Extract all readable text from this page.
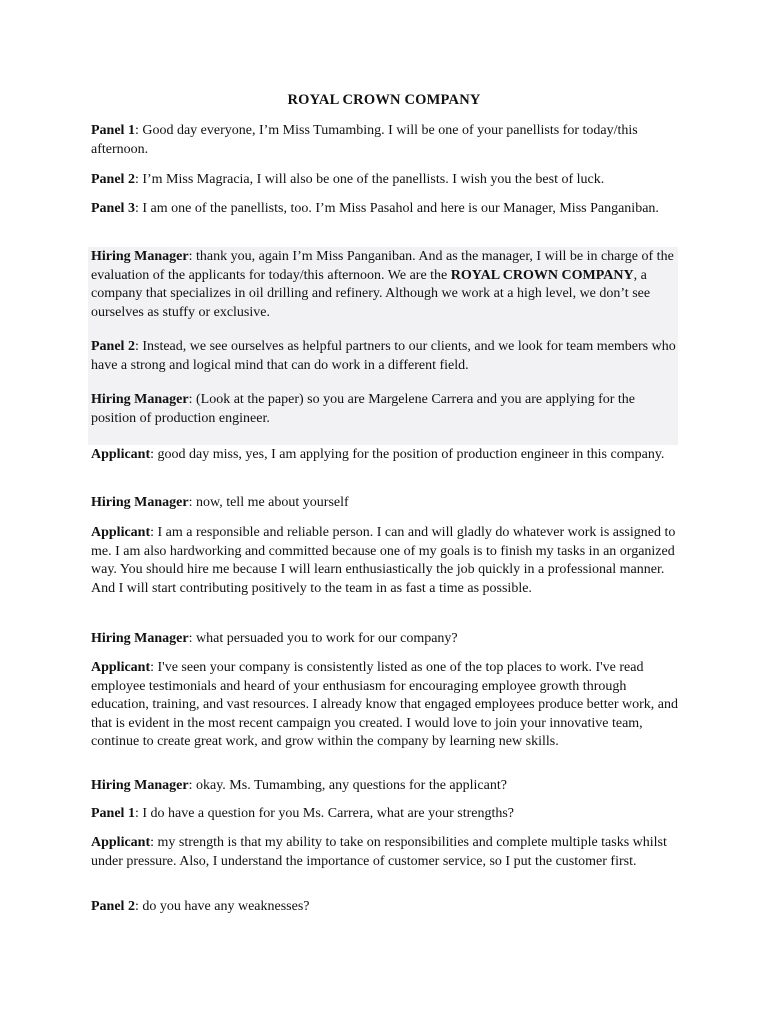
ROYAL CROWN COMPANY

Panel 1: Good day everyone, I’m Miss Tumambing. I will be one of your panellists for today/this afternoon.

Panel 2: I’m Miss Magracia, I will also be one of the panellists. I wish you the best of luck.

Panel 3: I am one of the panellists, too. I’m Miss Pasahol and here is our Manager, Miss Panganiban.

Hiring Manager: thank you, again I’m Miss Panganiban. And as the manager, I will be in charge of the evaluation of the applicants for today/this afternoon. We are the ROYAL CROWN COMPANY, a company that specializes in oil drilling and refinery. Although we work at a high level, we don’t see ourselves as stuffy or exclusive.

Panel 2: Instead, we see ourselves as helpful partners to our clients, and we look for team members who have a strong and logical mind that can do work in a different field.

Hiring Manager: (Look at the paper) so you are Margelene Carrera and you are applying for the position of production engineer.

Applicant: good day miss, yes, I am applying for the position of production engineer in this company.

Hiring Manager: now, tell me about yourself

Applicant: I am a responsible and reliable person. I can and will gladly do whatever work is assigned to me. I am also hardworking and committed because one of my goals is to finish my tasks in an organized way. You should hire me because I will learn enthusiastically the job quickly in a professional manner. And I will start contributing positively to the team in as fast a time as possible.

Hiring Manager: what persuaded you to work for our company?

Applicant: I've seen your company is consistently listed as one of the top places to work. I've read employee testimonials and heard of your enthusiasm for encouraging employee growth through education, training, and vast resources. I already know that engaged employees produce better work, and that is evident in the most recent campaign you created. I would love to join your innovative team, continue to create great work, and grow within the company by learning new skills.

Hiring Manager: okay. Ms. Tumambing, any questions for the applicant?

Panel 1: I do have a question for you Ms. Carrera, what are your strengths?

Applicant: my strength is that my ability to take on responsibilities and complete multiple tasks whilst under pressure. Also, I understand the importance of customer service, so I put the customer first.

Panel 2: do you have any weaknesses?
